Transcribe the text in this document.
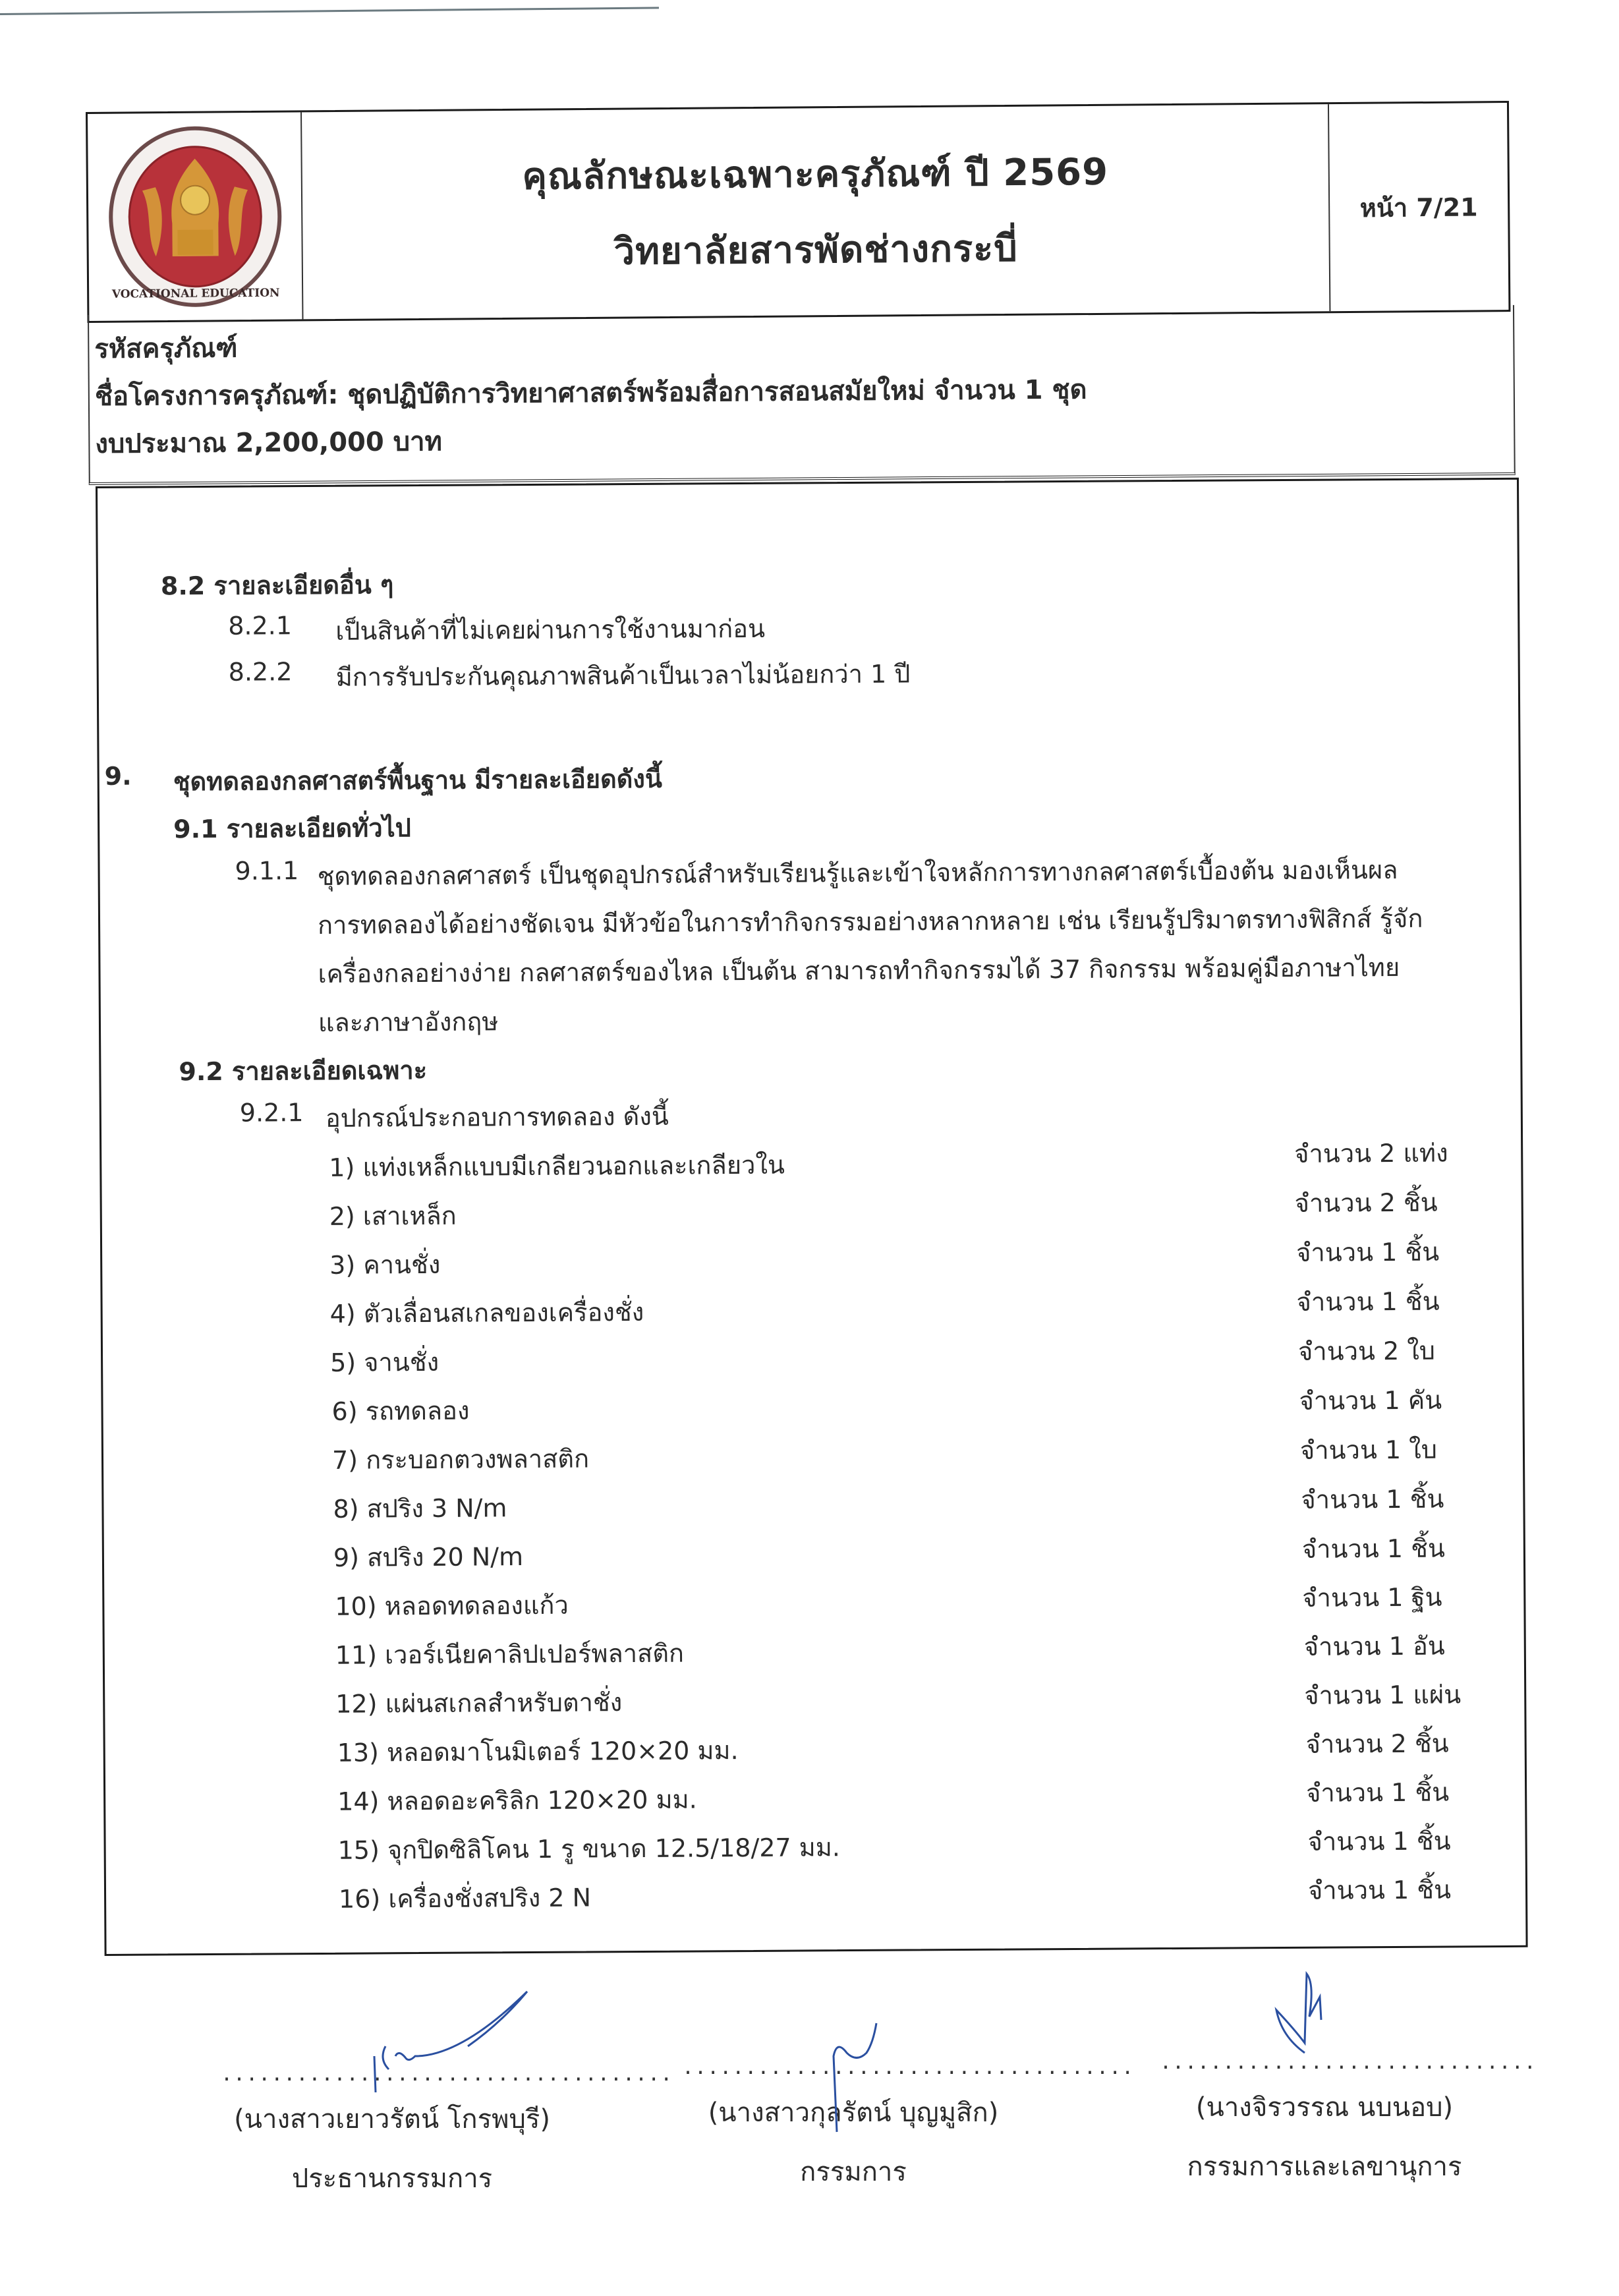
VOCATIONAL EDUCATION
คุณลักษณะเฉพาะครุภัณฑ์ ปี 2569
วิทยาลัยสารพัดช่างกระบี่
หน้า 7/21
รหัสครุภัณฑ์
ชื่อโครงการครุภัณฑ์: ชุดปฏิบัติการวิทยาศาสตร์พร้อมสื่อการสอนสมัยใหม่ จำนวน 1 ชุด
งบประมาณ 2,200,000 บาท
8.2 รายละเอียดอื่น ๆ
8.2.1 เป็นสินค้าที่ไม่เคยผ่านการใช้งานมาก่อน
8.2.2 มีการรับประกันคุณภาพสินค้าเป็นเวลาไม่น้อยกว่า 1 ปี
9. ชุดทดลองกลศาสตร์พื้นฐาน มีรายละเอียดดังนี้
9.1 รายละเอียดทั่วไป
9.1.1 ชุดทดลองกลศาสตร์ เป็นชุดอุปกรณ์สำหรับเรียนรู้และเข้าใจหลักการทางกลศาสตร์เบื้องต้น มองเห็นผล
การทดลองได้อย่างชัดเจน มีหัวข้อในการทำกิจกรรมอย่างหลากหลาย เช่น เรียนรู้ปริมาตรทางฟิสิกส์ รู้จัก
เครื่องกลอย่างง่าย กลศาสตร์ของไหล เป็นต้น สามารถทำกิจกรรมได้ 37 กิจกรรม พร้อมคู่มือภาษาไทย
และภาษาอังกฤษ
9.2 รายละเอียดเฉพาะ
9.2.1 อุปกรณ์ประกอบการทดลอง ดังนี้
1) แท่งเหล็กแบบมีเกลียวนอกและเกลียวใน	จำนวน 2 แท่ง
2) เสาเหล็ก	จำนวน 2 ชิ้น
3) คานชั่ง	จำนวน 1 ชิ้น
4) ตัวเลื่อนสเกลของเครื่องชั่ง	จำนวน 1 ชิ้น
5) จานชั่ง	จำนวน 2 ใบ
6) รถทดลอง	จำนวน 1 คัน
7) กระบอกตวงพลาสติก	จำนวน 1 ใบ
8) สปริง 3 N/m	จำนวน 1 ชิ้น
9) สปริง 20 N/m	จำนวน 1 ชิ้น
10) หลอดทดลองแก้ว	จำนวน 1 ฐิน
11) เวอร์เนียคาลิปเปอร์พลาสติก	จำนวน 1 อัน
12) แผ่นสเกลสำหรับตาชั่ง	จำนวน 1 แผ่น
13) หลอดมาโนมิเตอร์ 120×20 มม.	จำนวน 2 ชิ้น
14) หลอดอะคริลิก 120×20 มม.	จำนวน 1 ชิ้น
15) จุกปิดซิลิโคน 1 รู ขนาด 12.5/18/27 มม.	จำนวน 1 ชิ้น
16) เครื่องชั่งสปริง 2 N	จำนวน 1 ชิ้น
....................................
(นางสาวเยาวรัตน์ โกรพบุรี)
ประธานกรรมการ
....................................
(นางสาวกุลรัตน์ บุญมูสิก)
กรรมการ
..............................
(นางจิรวรรณ นบนอบ)
กรรมการและเลขานุการ
